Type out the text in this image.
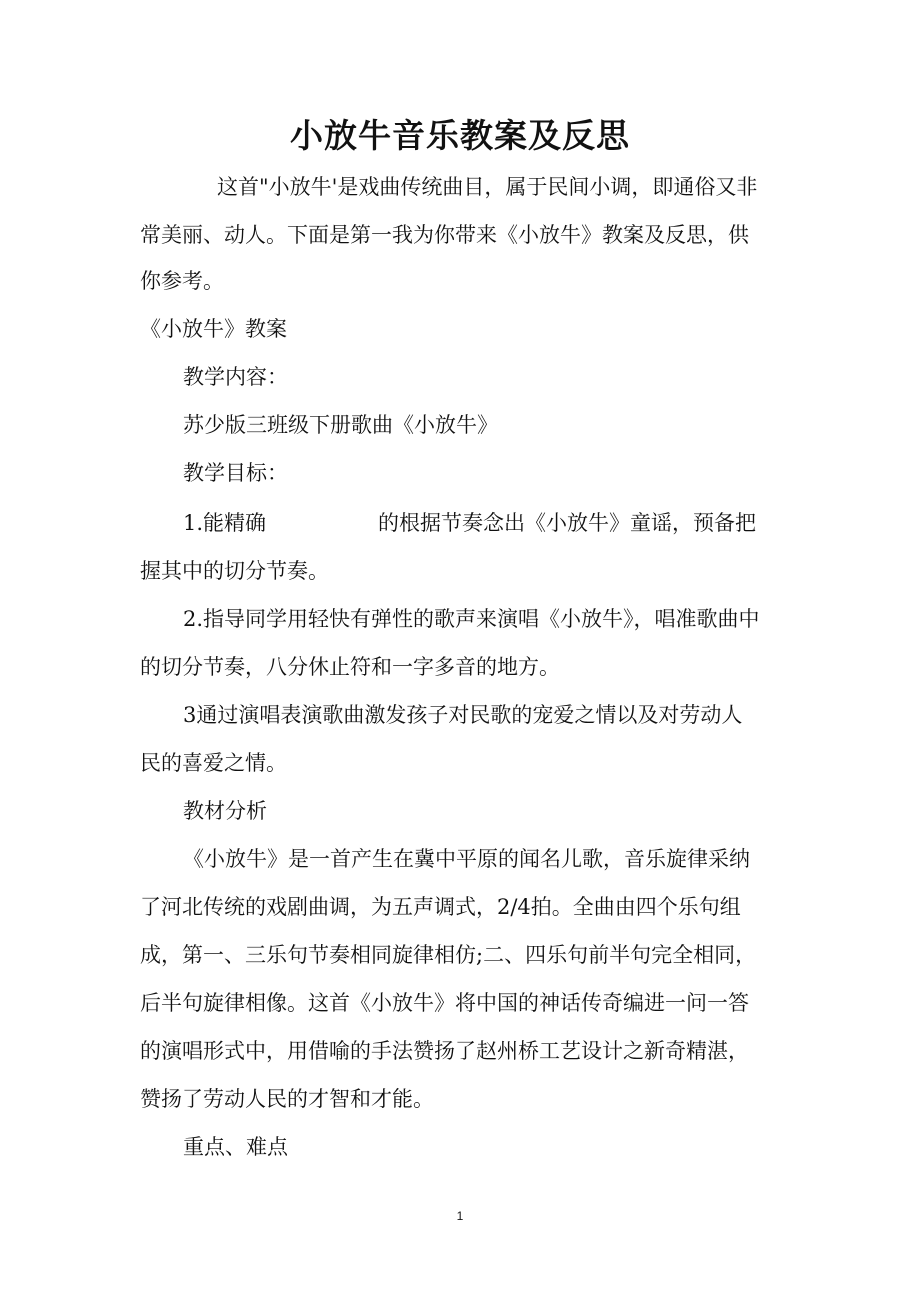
小放牛音乐教案及反思
这首"小放牛'是戏曲传统曲目，属于民间小调，即通俗又非
常美丽、动人。下面是第一我为你带来《小放牛》教案及反思，供
你参考。
《小放牛》教案
教学内容：
苏少版三班级下册歌曲《小放牛》
教学目标：
1.能精确	的根据节奏念出《小放牛》童谣，预备把
握其中的切分节奏。
2.指导同学用轻快有弹性的歌声来演唱《小放牛》，唱准歌曲中
的切分节奏，八分休止符和一字多音的地方。
3通过演唱表演歌曲激发孩子对民歌的宠爱之情以及对劳动人
民的喜爱之情。
教材分析
《小放牛》是一首产生在冀中平原的闻名儿歌，音乐旋律采纳
了河北传统的戏剧曲调，为五声调式，2/4拍。全曲由四个乐句组
成，第一、三乐句节奏相同旋律相仿;二、四乐句前半句完全相同，
后半句旋律相像。这首《小放牛》将中国的神话传奇编进一问一答
的演唱形式中，用借喻的手法赞扬了赵州桥工艺设计之新奇精湛，
赞扬了劳动人民的才智和才能。
重点、难点
1
